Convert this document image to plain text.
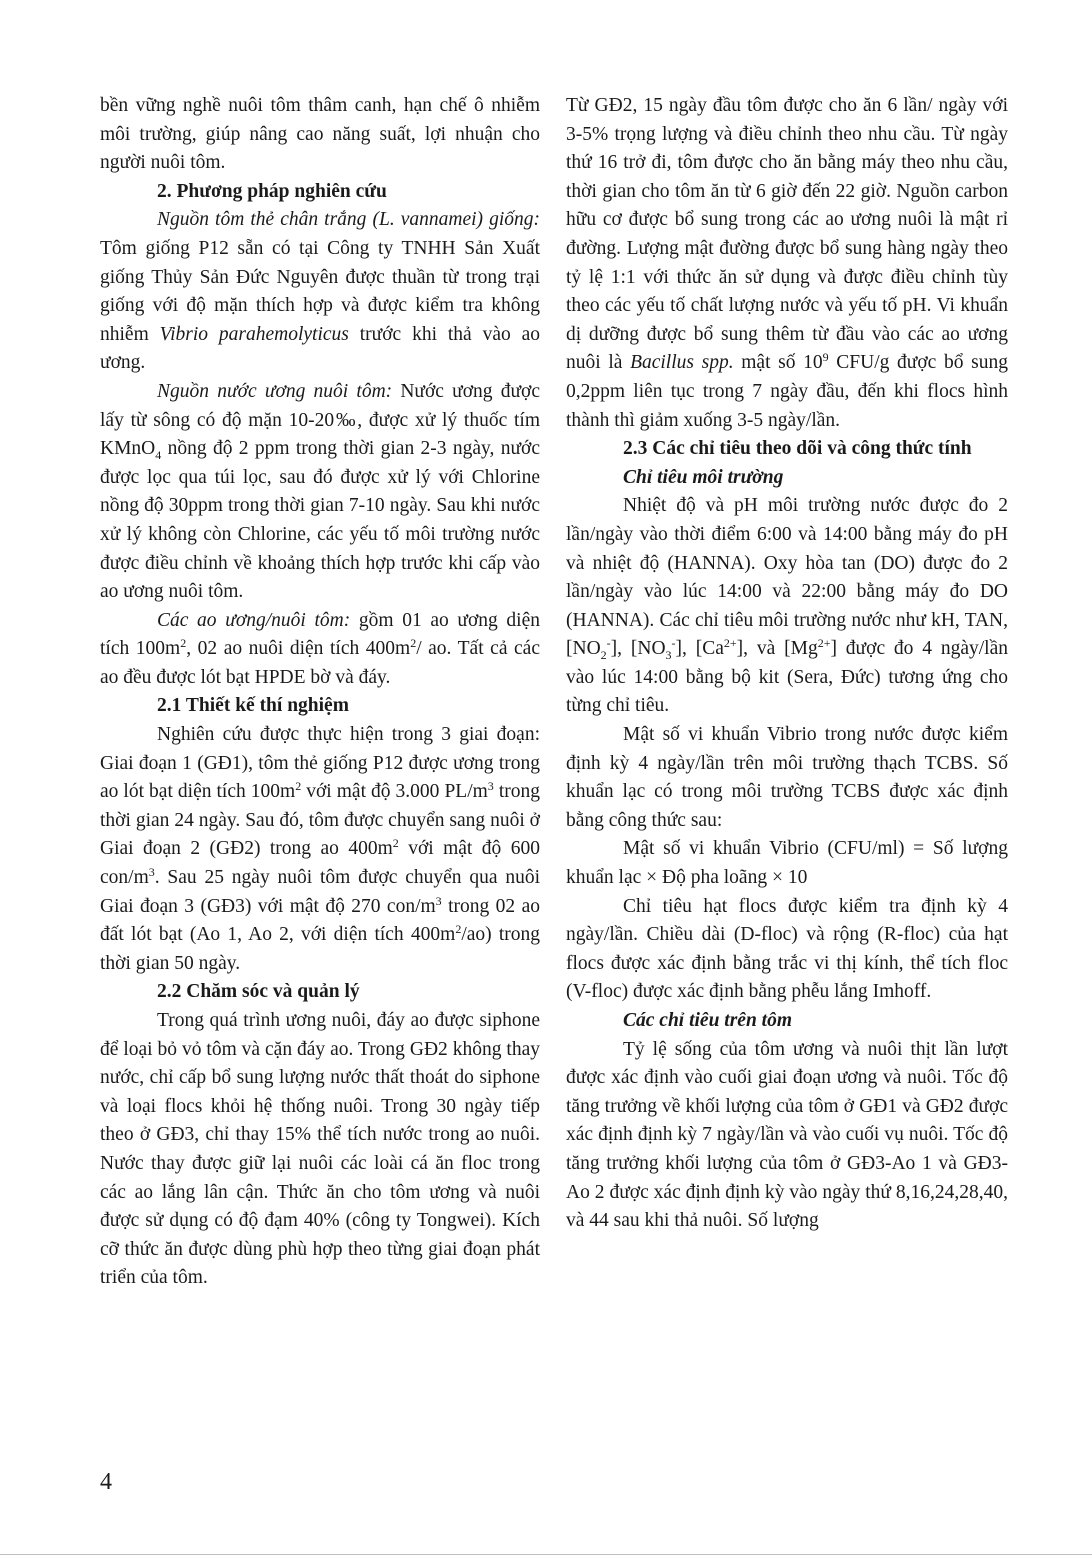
bền vững nghề nuôi tôm thâm canh, hạn chế ô nhiễm môi trường, giúp nâng cao năng suất, lợi nhuận cho người nuôi tôm.

2. Phương pháp nghiên cứu

Nguồn tôm thẻ chân trắng (L. vannamei) giống: Tôm giống P12 sẵn có tại Công ty TNHH Sản Xuất giống Thủy Sản Đức Nguyên được thuần từ trong trại giống với độ mặn thích hợp và được kiểm tra không nhiễm Vibrio parahemolyticus trước khi thả vào ao ương.

Nguồn nước ương nuôi tôm: Nước ương được lấy từ sông có độ mặn 10-20‰, được xử lý thuốc tím KMnO$_4$ nồng độ 2 ppm trong thời gian 2-3 ngày, nước được lọc qua túi lọc, sau đó được xử lý với Chlorine nồng độ 30ppm trong thời gian 7-10 ngày. Sau khi nước xử lý không còn Chlorine, các yếu tố môi trường nước được điều chỉnh về khoảng thích hợp trước khi cấp vào ao ương nuôi tôm.

Các ao ương/nuôi tôm: gồm 01 ao ương diện tích $100m^2$, 02 ao nuôi diện tích $400m^2/$ ao. Tất cả các ao đều được lót bạt HPDE bờ và đáy.

2.1 Thiết kế thí nghiệm

Nghiên cứu được thực hiện trong 3 giai đoạn: Giai đoạn 1 (GĐ1), tôm thẻ giống P12 được ương trong ao lót bạt diện tích $100m^2$ với mật độ 3.000 $PL/m^3$ trong thời gian 24 ngày. Sau đó, tôm được chuyển sang nuôi ở Giai đoạn 2 (GĐ2) trong ao $400m^2$ với mật độ 600 con/$m^3$. Sau 25 ngày nuôi tôm được chuyển qua nuôi Giai đoạn 3 (GĐ3) với mật độ 270 con/$m^3$ trong 02 ao đất lót bạt (Ao 1, Ao 2, với diện tích $400m^2/ao$) trong thời gian 50 ngày.

2.2 Chăm sóc và quản lý

Trong quá trình ương nuôi, đáy ao được siphone để loại bỏ vỏ tôm và cặn đáy ao. Trong GĐ2 không thay nước, chỉ cấp bổ sung lượng nước thất thoát do siphone và loại flocs khỏi hệ thống nuôi. Trong 30 ngày tiếp theo ở GĐ3, chỉ thay 15% thể tích nước trong ao nuôi. Nước thay được giữ lại nuôi các loài cá ăn floc trong các ao lắng lân cận. Thức ăn cho tôm ương và nuôi được sử dụng có độ đạm 40% (công ty Tongwei). Kích cỡ thức ăn được dùng phù hợp theo từng giai đoạn phát triển của tôm.

Từ GĐ2, 15 ngày đầu tôm được cho ăn 6 lần/ ngày với 3-5% trọng lượng và điều chỉnh theo nhu cầu. Từ ngày thứ 16 trở đi, tôm được cho ăn bằng máy theo nhu cầu, thời gian cho tôm ăn từ 6 giờ đến 22 giờ. Nguồn carbon hữu cơ được bổ sung trong các ao ương nuôi là mật rỉ đường. Lượng mật đường được bổ sung hàng ngày theo tỷ lệ 1:1 với thức ăn sử dụng và được điều chỉnh tùy theo các yếu tố chất lượng nước và yếu tố pH. Vi khuẩn dị dưỡng được bổ sung thêm từ đầu vào các ao ương nuôi là Bacillus spp. mật số $10^9$ CFU/g được bổ sung 0,2ppm liên tục trong 7 ngày đầu, đến khi flocs hình thành thì giảm xuống 3-5 ngày/lần.

2.3 Các chỉ tiêu theo dõi và công thức tính

Chỉ tiêu môi trường

Nhiệt độ và pH môi trường nước được đo 2 lần/ngày vào thời điểm 6:00 và 14:00 bằng máy đo pH và nhiệt độ (HANNA). Oxy hòa tan (DO) được đo 2 lần/ngày vào lúc 14:00 và 22:00 bằng máy đo DO (HANNA). Các chỉ tiêu môi trường nước như kH, TAN, $[NO_2^-]$, $[NO_3^-]$, $[Ca^{2+}]$, và $[Mg^{2+}]$ được đo 4 ngày/lần vào lúc 14:00 bằng bộ kit (Sera, Đức) tương ứng cho từng chỉ tiêu.

Mật số vi khuẩn Vibrio trong nước được kiểm định kỳ 4 ngày/lần trên môi trường thạch TCBS. Số khuẩn lạc có trong môi trường TCBS được xác định bằng công thức sau:

Mật số vi khuẩn Vibrio (CFU/ml) = Số lượng khuẩn lạc × Độ pha loãng × 10

Chỉ tiêu hạt flocs được kiểm tra định kỳ 4 ngày/lần. Chiều dài (D-floc) và rộng (R-floc) của hạt flocs được xác định bằng trắc vi thị kính, thể tích floc (V-floc) được xác định bằng phễu lắng Imhoff.

Các chỉ tiêu trên tôm

Tỷ lệ sống của tôm ương và nuôi thịt lần lượt được xác định vào cuối giai đoạn ương và nuôi. Tốc độ tăng trưởng về khối lượng của tôm ở GĐ1 và GĐ2 được xác định định kỳ 7 ngày/lần và vào cuối vụ nuôi. Tốc độ tăng trưởng khối lượng của tôm ở GĐ3-Ao 1 và GĐ3-Ao 2 được xác định định kỳ vào ngày thứ 8,16,24,28,40, và 44 sau khi thả nuôi. Số lượng

4
